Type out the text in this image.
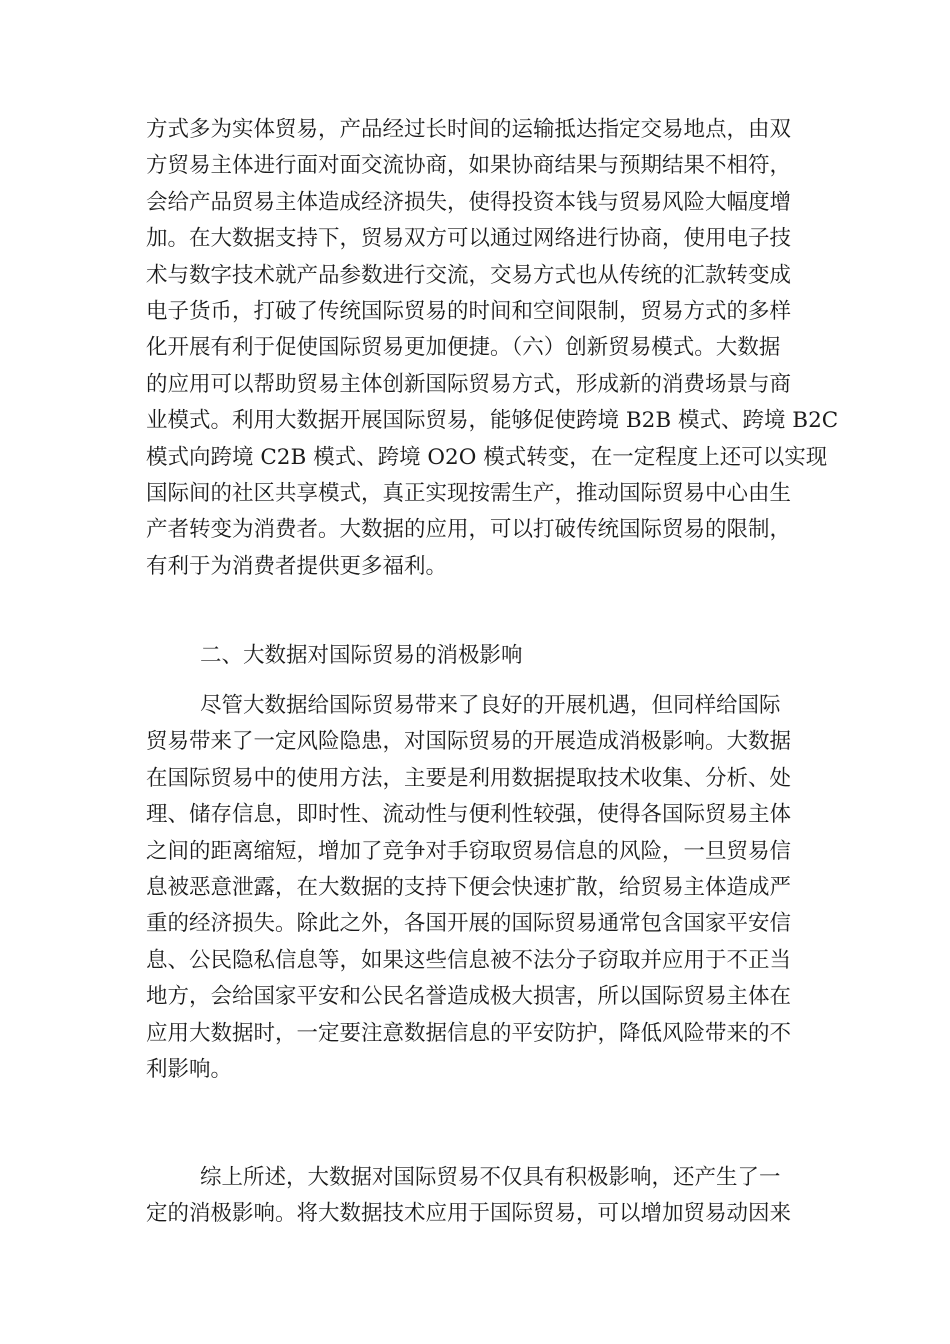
方式多为实体贸易，产品经过长时间的运输抵达指定交易地点，由双
方贸易主体进行面对面交流协商，如果协商结果与预期结果不相符，
会给产品贸易主体造成经济损失，使得投资本钱与贸易风险大幅度增
加。在大数据支持下，贸易双方可以通过网络进行协商，使用电子技
术与数字技术就产品参数进行交流，交易方式也从传统的汇款转变成
电子货币，打破了传统国际贸易的时间和空间限制，贸易方式的多样
化开展有利于促使国际贸易更加便捷。（六）创新贸易模式。大数据
的应用可以帮助贸易主体创新国际贸易方式，形成新的消费场景与商
业模式。利用大数据开展国际贸易，能够促使跨境 B2B 模式、跨境 B2C
模式向跨境 C2B 模式、跨境 O2O 模式转变，在一定程度上还可以实现
国际间的社区共享模式，真正实现按需生产，推动国际贸易中心由生
产者转变为消费者。大数据的应用，可以打破传统国际贸易的限制，
有利于为消费者提供更多福利。
二、大数据对国际贸易的消极影响
尽管大数据给国际贸易带来了良好的开展机遇，但同样给国际
贸易带来了一定风险隐患，对国际贸易的开展造成消极影响。大数据
在国际贸易中的使用方法，主要是利用数据提取技术收集、分析、处
理、储存信息，即时性、流动性与便利性较强，使得各国际贸易主体
之间的距离缩短，增加了竞争对手窃取贸易信息的风险，一旦贸易信
息被恶意泄露，在大数据的支持下便会快速扩散，给贸易主体造成严
重的经济损失。除此之外，各国开展的国际贸易通常包含国家平安信
息、公民隐私信息等，如果这些信息被不法分子窃取并应用于不正当
地方，会给国家平安和公民名誉造成极大损害，所以国际贸易主体在
应用大数据时，一定要注意数据信息的平安防护，降低风险带来的不
利影响。
综上所述，大数据对国际贸易不仅具有积极影响，还产生了一
定的消极影响。将大数据技术应用于国际贸易，可以增加贸易动因来
